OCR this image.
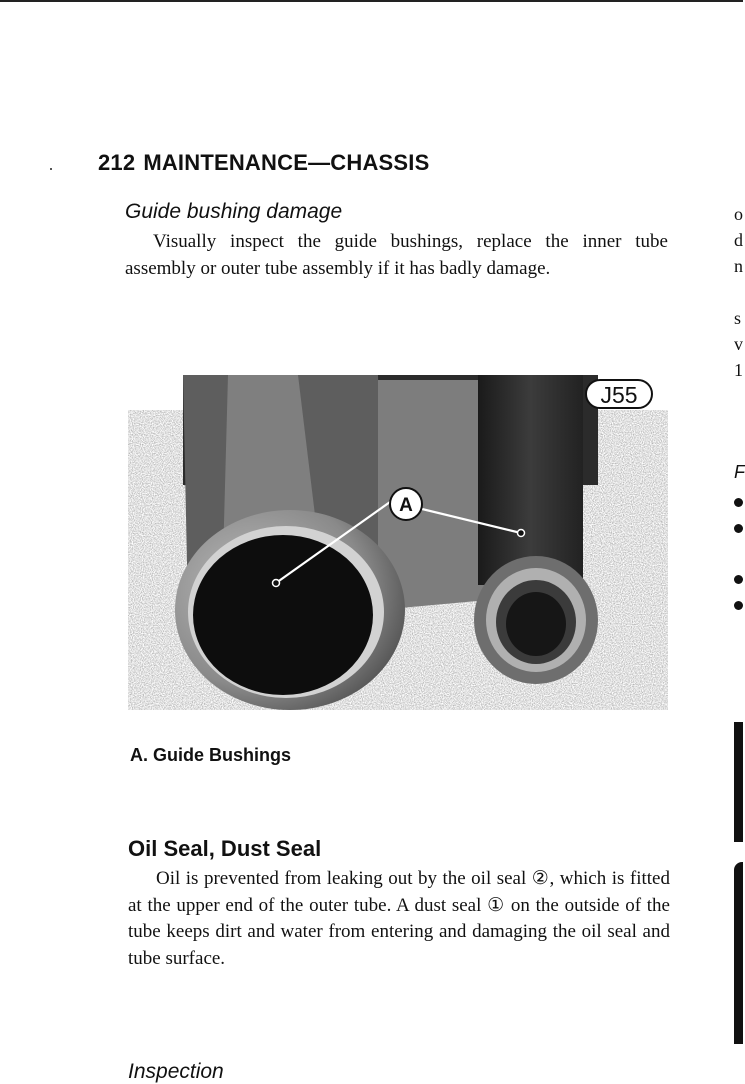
212 MAINTENANCE—CHASSIS
Guide bushing damage
Visually inspect the guide bushings, replace the inner tube assembly or outer tube assembly if it has badly damage.
A
J55
A. Guide Bushings
Oil Seal, Dust Seal
Oil is prevented from leaking out by the oil seal ②, which is fitted at the upper end of the outer tube. A dust seal ① on the outside of the tube keeps dirt and water from entering and damaging the oil seal and tube surface.
Inspection
o
d
n
s
v
1
F
